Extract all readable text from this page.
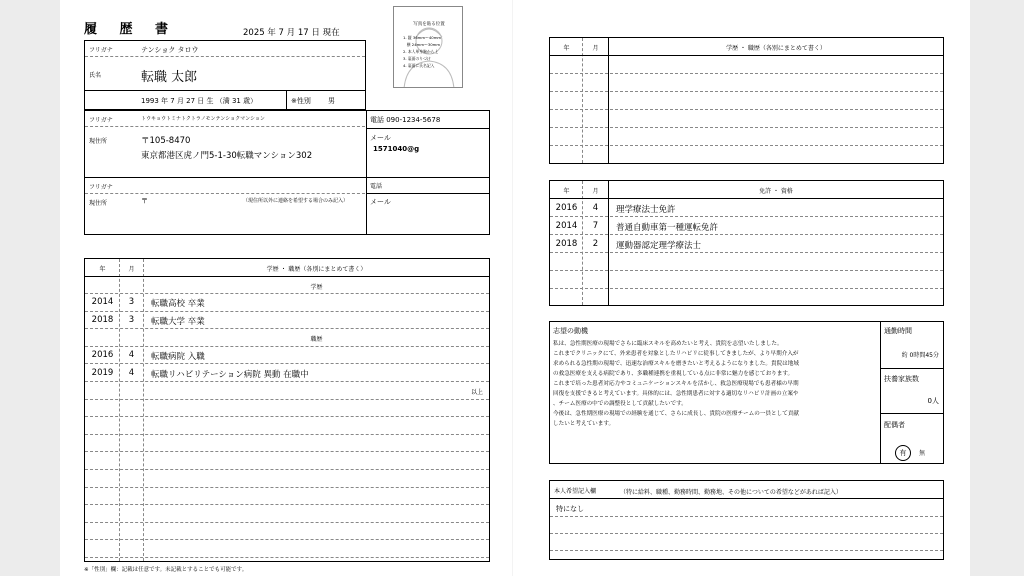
履 歴 書	2025 年 7 月 17 日 現在
写真を貼る位置
1. 縦 36mm〜40mm
　横 24mm〜30mm
2. 本人単身胸から上
3. 裏面のりづけ
4. 裏面に氏名記入
フリガナ	テンショク タロウ
氏名	転職 太郎
1993 年 7 月 27 日 生 （満 31 歳）	※性別 男
フリガナ	トウキョウトミナトクトラノモンテンショクマンション
現住所	〒105-8470
東京都港区虎ノ門5-1-30転職マンション302
電話 090-1234-5678
メール
1571040@g
フリガナ
現住所	〒	（現住所以外に連絡を希望する場合のみ記入）
電話
メール
年	月	学歴 ・ 職歴（各別にまとめて書く）
学歴
2014	3	転職高校 卒業
2018	3	転職大学 卒業
職歴
2016	4	転職病院 入職
2019	4	転職リハビリテーション病院 異動 在職中
以上
※「性別」欄：記載は任意です。未記載とすることでも可能です。
年	月	学歴 ・ 職歴（各別にまとめて書く）
年	月	免許 ・ 資格
2016	4	理学療法士免許
2014	7	普通自動車第一種運転免許
2018	2	運動器認定理学療法士
志望の動機
私は、急性期医療の現場でさらに臨床スキルを高めたいと考え、貴院を志望いたしました。
これまでクリニックにて、外来患者を対象としたリハビリに従事してきましたが、より早期介入が
求められる急性期の現場で、迅速な治療スキルを磨きたいと考えるようになりました。貴院は地域
の救急医療を支える病院であり、多職種連携を重視している点に非常に魅力を感じております。
これまで培った患者対応力やコミュニケーションスキルを活かし、救急医療現場でも患者様の早期
回復を支援できると考えています。具体的には、急性期患者に対する適切なリハビリ計画の立案や
、チーム医療の中での調整役として貢献したいです。
今後は、急性期医療の現場での経験を通じて、さらに成長し、貴院の医療チームの一員として貢献
したいと考えています。
通勤時間
約 0時間45分
扶養家族数
0人
配偶者
有 無
本人希望記入欄	（特に給料、職種、勤務時間、勤務地、その他についての希望などがあれば記入）
特になし
